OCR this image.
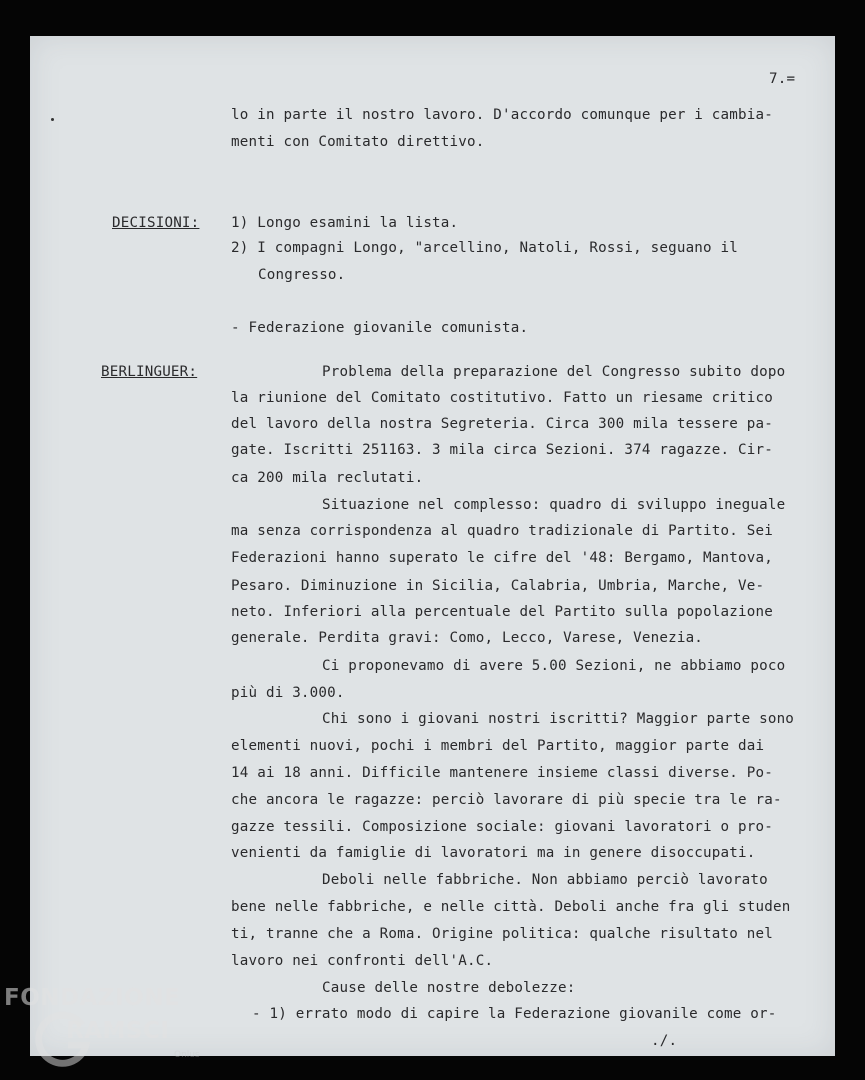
7.=
lo in parte il nostro lavoro. D'accordo comunque per i cambia-
menti con Comitato direttivo.
DECISIONI: 1) Longo esamini la lista.
2) I compagni Longo, "arcellino, Natoli, Rossi, seguano il
Congresso.
- Federazione giovanile comunista.
BERLINGUER:	Problema della preparazione del Congresso subito dopo
la riunione del Comitato costitutivo. Fatto un riesame critico
del lavoro della nostra Segreteria. Circa 300 mila tessere pa-
gate. Iscritti 251163. 3 mila circa Sezioni. 374 ragazze. Cir-
ca 200 mila reclutati.
Situazione nel complesso: quadro di sviluppo ineguale
ma senza corrispondenza al quadro tradizionale di Partito. Sei
Federazioni hanno superato le cifre del '48: Bergamo, Mantova,
Pesaro. Diminuzione in Sicilia, Calabria, Umbria, Marche, Ve-
neto. Inferiori alla percentuale del Partito sulla popolazione
generale. Perdita gravi: Como, Lecco, Varese, Venezia.
Ci proponevamo di avere 5.00 Sezioni, ne abbiamo poco
più di 3.000.
Chi sono i giovani nostri iscritti? Maggior parte sono
elementi nuovi, pochi i membri del Partito, maggior parte dai
14 ai 18 anni. Difficile mantenere insieme classi diverse. Po-
che ancora le ragazze: perciò lavorare di più specie tra le ra-
gazze tessili. Composizione sociale: giovani lavoratori o pro-
venienti da famiglie di lavoratori ma in genere disoccupati.
Deboli nelle fabbriche. Non abbiamo perciò lavorato
bene nelle fabbriche, e nelle città. Deboli anche fra gli studen
ti, tranne che a Roma. Origine politica: qualche risultato nel
lavoro nei confronti dell'A.C.
Cause delle nostre debolezze:
- 1) errato modo di capire la Federazione giovanile come or-
./.
FONDAZIONE
RAMSCI
Onlus
